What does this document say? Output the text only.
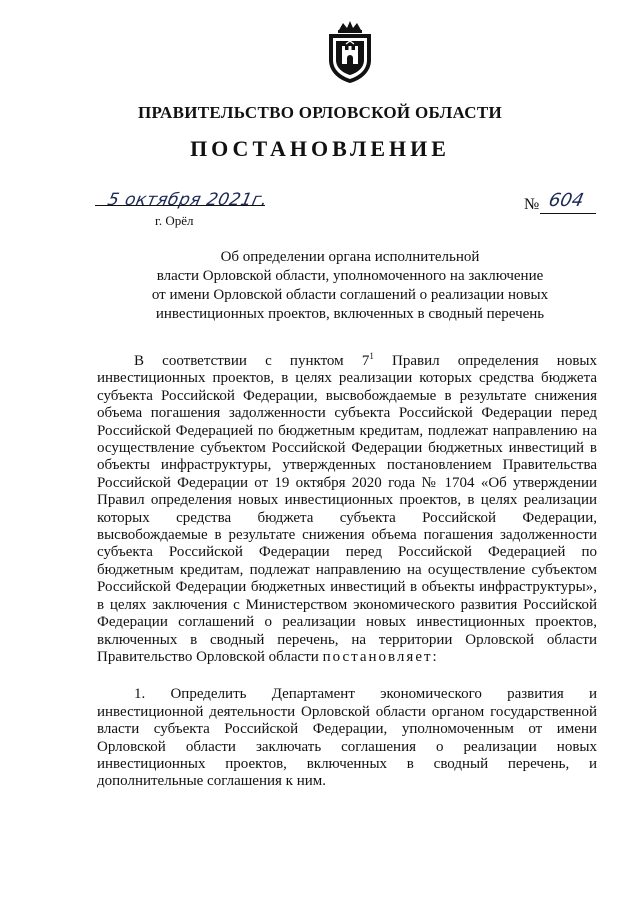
ПРАВИТЕЛЬСТВО ОРЛОВСКОЙ ОБЛАСТИ
ПОСТАНОВЛЕНИЕ
5 октября 2021г.
г. Орёл
№ 604
Об определении органа исполнительной
власти Орловской области, уполномоченного на заключение
от имени Орловской области соглашений о реализации новых
инвестиционных проектов, включенных в сводный перечень

В соответствии с пунктом $7^1$ Правил определения новых инвестиционных проектов, в целях реализации которых средства бюджета субъекта Российской Федерации, высвобождаемые в результате снижения объема погашения задолженности субъекта Российской Федерации перед Российской Федерацией по бюджетным кредитам, подлежат направлению на осуществление субъектом Российской Федерации бюджетных инвестиций в объекты инфраструктуры, утвержденных постановлением Правительства Российской Федерации от 19 октября 2020 года № 1704 «Об утверждении Правил определения новых инвестиционных проектов, в целях реализации которых средства бюджета субъекта Российской Федерации, высвобождаемые в результате снижения объема погашения задолженности субъекта Российской Федерации перед Российской Федерацией по бюджетным кредитам, подлежат направлению на осуществление субъектом Российской Федерации бюджетных инвестиций в объекты инфраструктуры», в целях заключения с Министерством экономического развития Российской Федерации соглашений о реализации новых инвестиционных проектов, включенных в сводный перечень, на территории Орловской области Правительство Орловской области постановляет:

1. Определить Департамент экономического развития и инвестиционной деятельности Орловской области органом государственной власти субъекта Российской Федерации, уполномоченным от имени Орловской области заключать соглашения о реализации новых инвестиционных проектов, включенных в сводный перечень, и дополнительные соглашения к ним.
